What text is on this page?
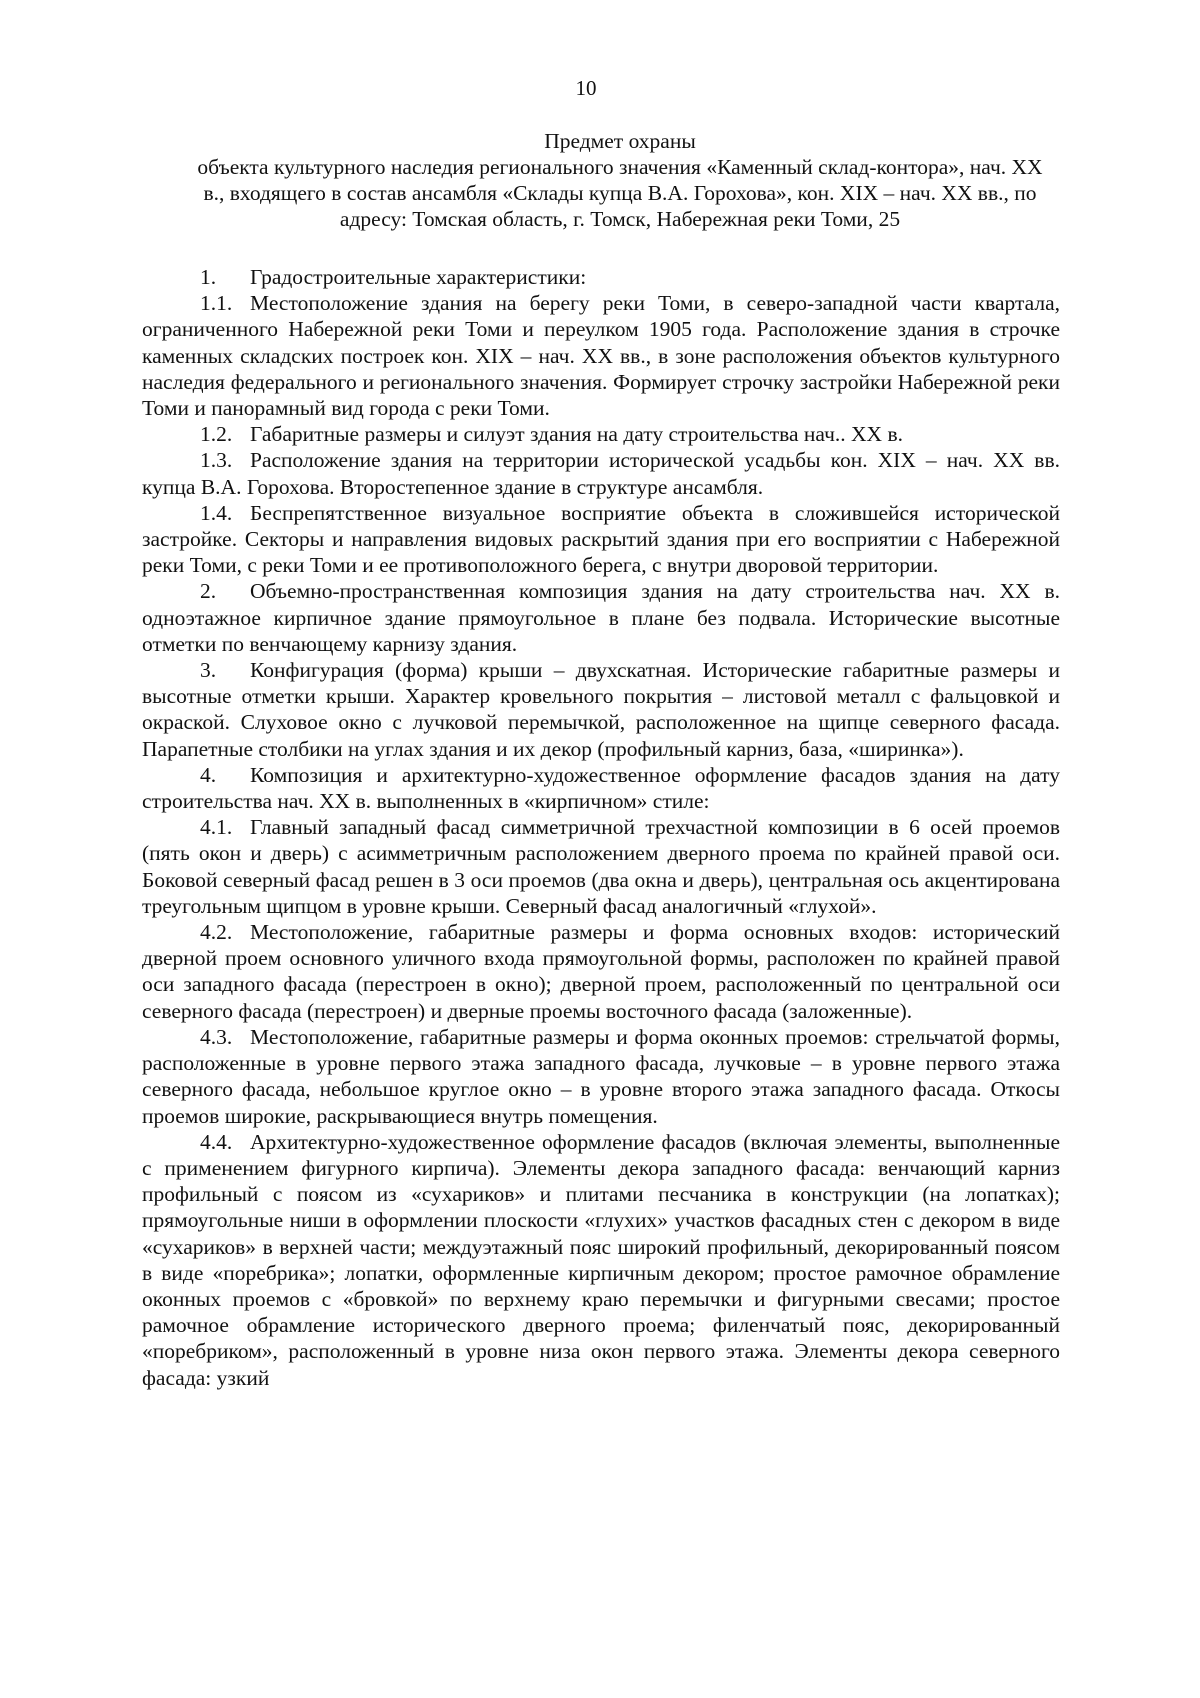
10
Предмет охраны
объекта культурного наследия регионального значения «Каменный склад-контора», нач. XX в., входящего в состав ансамбля «Склады купца В.А. Горохова», кон. XIX – нач. XX вв., по адресу: Томская область, г. Томск, Набережная реки Томи, 25

1. Градостроительные характеристики:

1.1. Местоположение здания на берегу реки Томи, в северо-западной части квартала, ограниченного Набережной реки Томи и переулком 1905 года. Расположение здания в строчке каменных складских построек кон. XIX – нач. XX вв., в зоне расположения объектов культурного наследия федерального и регионального значения. Формирует строчку застройки Набережной реки Томи и панорамный вид города с реки Томи.

1.2. Габаритные размеры и силуэт здания на дату строительства нач.. XX в.

1.3. Расположение здания на территории исторической усадьбы кон. XIX – нач. XX вв. купца В.А. Горохова. Второстепенное здание в структуре ансамбля.

1.4. Беспрепятственное визуальное восприятие объекта в сложившейся исторической застройке. Секторы и направления видовых раскрытий здания при его восприятии с Набережной реки Томи, с реки Томи и ее противоположного берега, с внутри дворовой территории.

2. Объемно-пространственная композиция здания на дату строительства нач. XX в. одноэтажное кирпичное здание прямоугольное в плане без подвала. Исторические высотные отметки по венчающему карнизу здания.

3. Конфигурация (форма) крыши – двухскатная. Исторические габаритные размеры и высотные отметки крыши. Характер кровельного покрытия – листовой металл с фальцовкой и окраской. Слуховое окно с лучковой перемычкой, расположенное на щипце северного фасада. Парапетные столбики на углах здания и их декор (профильный карниз, база, «ширинка»).

4. Композиция и архитектурно-художественное оформление фасадов здания на дату строительства нач. XX в. выполненных в «кирпичном» стиле:

4.1. Главный западный фасад симметричной трехчастной композиции в 6 осей проемов (пять окон и дверь) с асимметричным расположением дверного проема по крайней правой оси. Боковой северный фасад решен в 3 оси проемов (два окна и дверь), центральная ось акцентирована треугольным щипцом в уровне крыши. Северный фасад аналогичный «глухой».

4.2. Местоположение, габаритные размеры и форма основных входов: исторический дверной проем основного уличного входа прямоугольной формы, расположен по крайней правой оси западного фасада (перестроен в окно); дверной проем, расположенный по центральной оси северного фасада (перестроен) и дверные проемы восточного фасада (заложенные).

4.3. Местоположение, габаритные размеры и форма оконных проемов: стрельчатой формы, расположенные в уровне первого этажа западного фасада, лучковые – в уровне первого этажа северного фасада, небольшое круглое окно – в уровне второго этажа западного фасада. Откосы проемов широкие, раскрывающиеся внутрь помещения.

4.4. Архитектурно-художественное оформление фасадов (включая элементы, выполненные с применением фигурного кирпича). Элементы декора западного фасада: венчающий карниз профильный с поясом из «сухариков» и плитами песчаника в конструкции (на лопатках); прямоугольные ниши в оформлении плоскости «глухих» участков фасадных стен с декором в виде «сухариков» в верхней части; междуэтажный пояс широкий профильный, декорированный поясом в виде «поребрика»; лопатки, оформленные кирпичным декором; простое рамочное обрамление оконных проемов с «бровкой» по верхнему краю перемычки и фигурными свесами; простое рамочное обрамление исторического дверного проема; филенчатый пояс, декорированный «поребриком», расположенный в уровне низа окон первого этажа. Элементы декора северного фасада: узкий
